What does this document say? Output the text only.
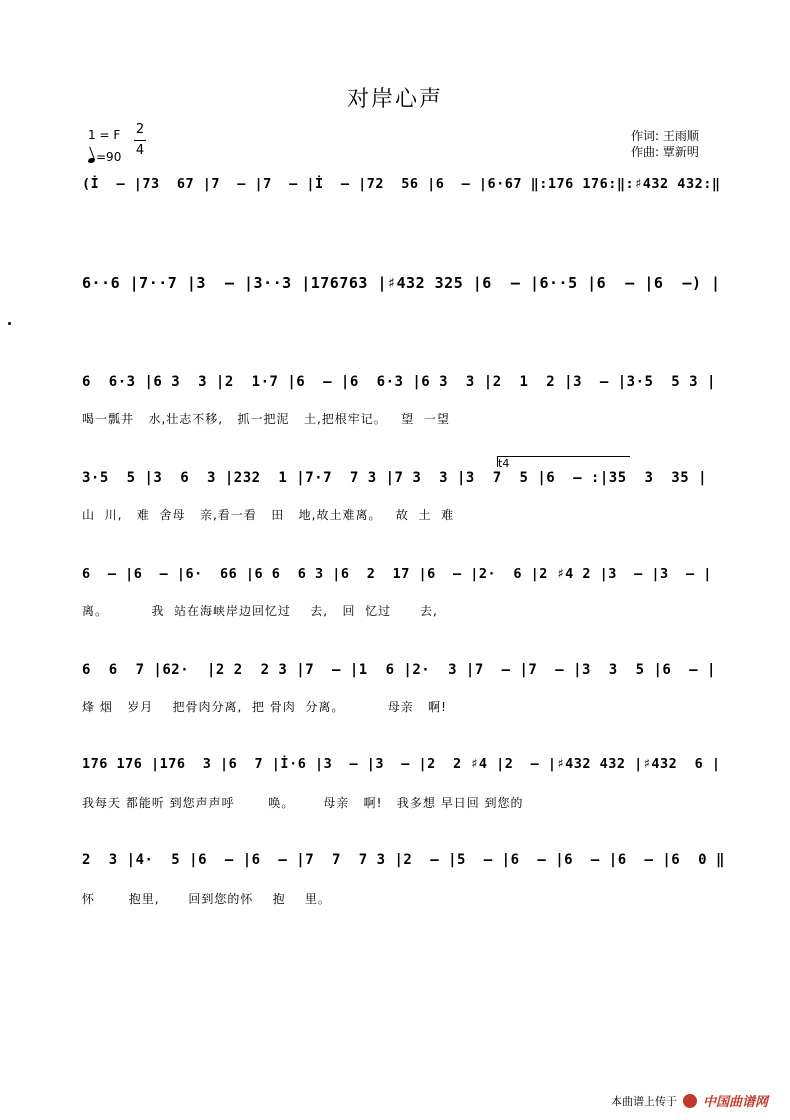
对岸心声
1 = F 2
4
=90
作词: 王雨顺
作曲: 覃新明
(İ  – |73  67 |7  – |7  – |İ  – |72  56 |6  – |6·67 ‖:176 176:‖:♯432 432:‖
6··6 |7··7 |3  – |3··3 |176763 |♯432 325 |6  – |6··5 |6  – |6  –) |
6  6·3 |6 3  3 |2  1·7 |6  – |6  6·3 |6 3  3 |2  1  2 |3  – |3·5  5 3 |
喝一瓢井   水,壮志不移,   抓一把泥   土,把根牢记。   望  一望
t4
3·5  5 |3  6  3 |232  1 |7·7  7 3 |7 3  3 |3  7  5 |6  – :|35  3  35 |
山  川,   难  舍母   亲,看一看   田   地,故土难离。   故  土  难
6  – |6  – |6·  66 |6 6  6 3 |6  2  17 |6  – |2·  6 |2 ♯4 2 |3  – |3  – |
离。         我  站在海峡岸边回忆过    去,   回  忆过      去,
6  6  7 |62·  |2 2  2 3 |7  – |1  6 |2·  3 |7  – |7  – |3  3  5 |6  – |
烽 烟   岁月    把骨肉分离,  把 骨肉  分离。         母亲   啊!
176 176 |176  3 |6  7 |İ·6 |3  – |3  – |2  2 ♯4 |2  – |♯432 432 |♯432  6 |
我每天 都能听 到您声声呼       唤。      母亲   啊!   我多想 早日回 到您的
2  3 |4·  5 |6  – |6  – |7  7  7 3 |2  – |5  – |6  – |6  – |6  – |6  0 ‖
怀       抱里,      回到您的怀    抱    里。
本曲谱上传于 中国曲谱网
